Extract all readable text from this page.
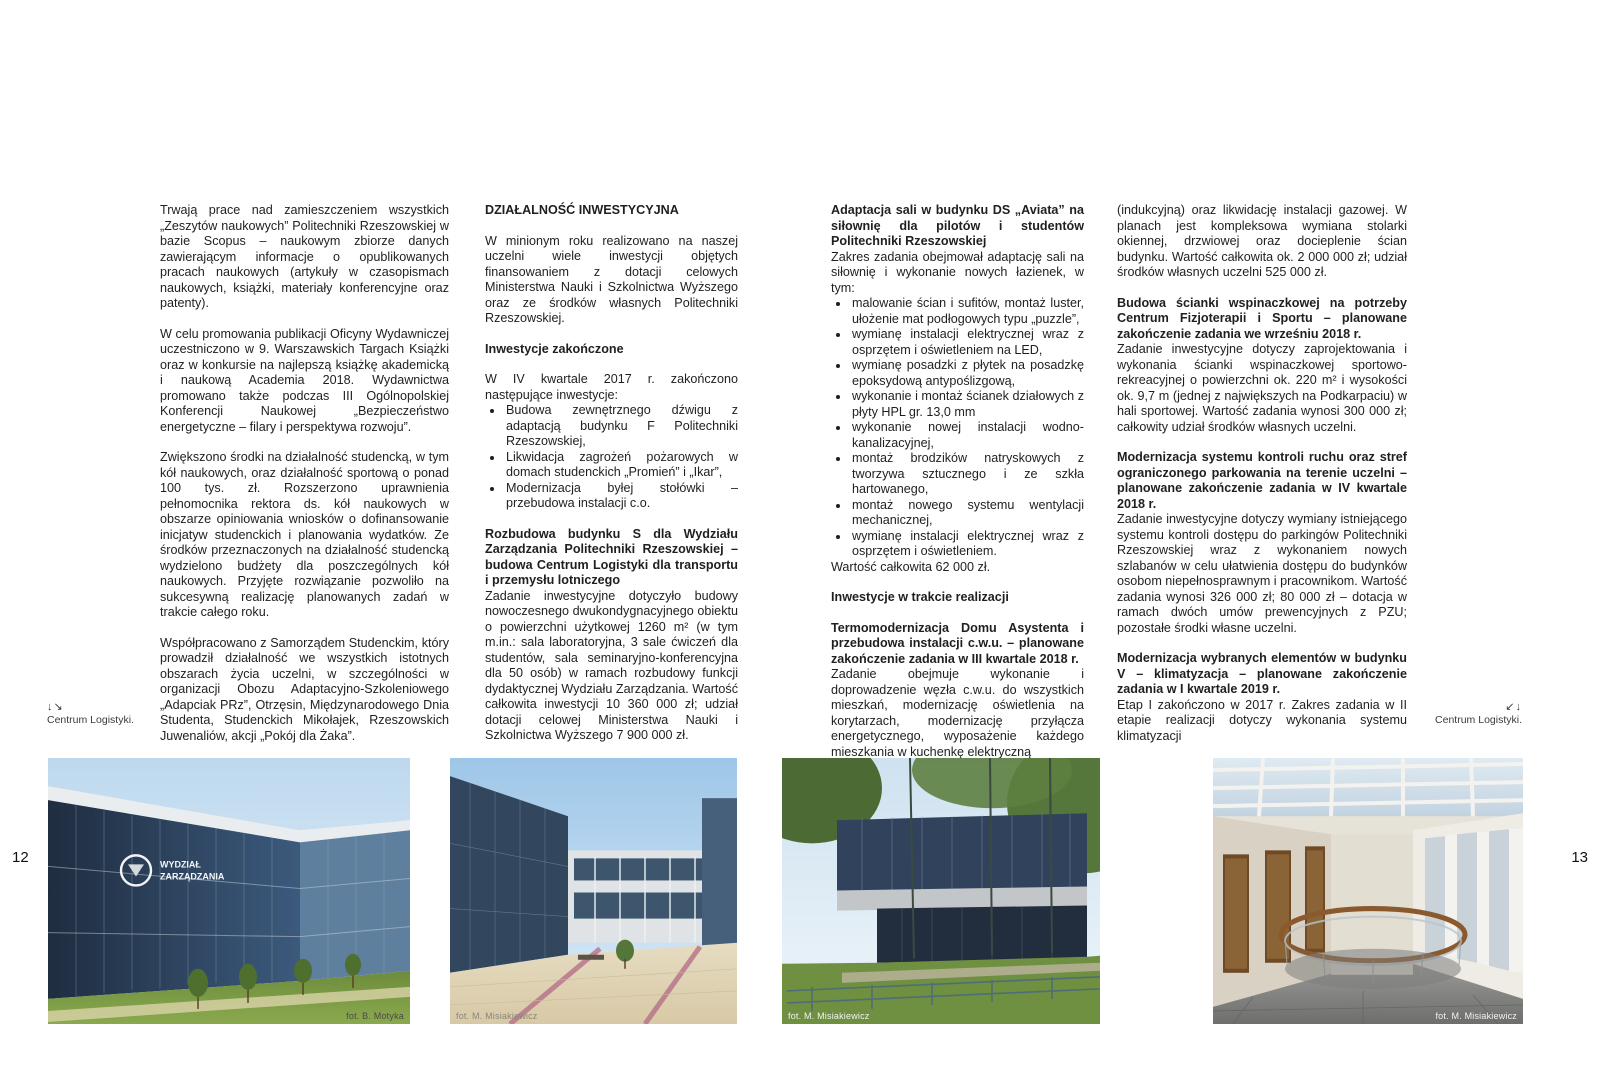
12	13
↓↘
Centrum Logistyki.
↙↓
Centrum Logistyki.
Trwają prace nad zamieszczeniem wszystkich „Zeszytów naukowych” Politechniki Rzeszowskiej w bazie Scopus – naukowym zbiorze danych zawierającym informacje o opublikowanych pracach naukowych (artykuły w czasopismach naukowych, książki, materiały konferencyjne oraz patenty).
W celu promowania publikacji Oficyny Wydawniczej uczestniczono w 9. Warszawskich Targach Książki oraz w konkursie na najlepszą książkę akademicką i naukową Academia 2018. Wydawnictwa promowano także podczas III Ogólnopolskiej Konferencji Naukowej „Bezpieczeństwo energetyczne – filary i perspektywa rozwoju”.
Zwiększono środki na działalność studencką, w tym kół naukowych, oraz działalność sportową o ponad 100 tys. zł. Rozszerzono uprawnienia pełnomocnika rektora ds. kół naukowych w obszarze opiniowania wniosków o dofinansowanie inicjatyw studenckich i planowania wydatków. Ze środków przeznaczonych na działalność studencką wydzielono budżety dla poszczególnych kół naukowych. Przyjęte rozwiązanie pozwoliło na sukcesywną realizację planowanych zadań w trakcie całego roku.
Współpracowano z Samorządem Studenckim, który prowadził działalność we wszystkich istotnych obszarach życia uczelni, w szczególności w organizacji Obozu Adaptacyjno-Szkoleniowego „Adapciak PRz”, Otrzęsin, Międzynarodowego Dnia Studenta, Studenckich Mikołajek, Rzeszowskich Juwenaliów, akcji „Pokój dla Żaka”.
DZIAŁALNOŚĆ INWESTYCYJNA
W minionym roku realizowano na naszej uczelni wiele inwestycji objętych finansowaniem z dotacji celowych Ministerstwa Nauki i Szkolnictwa Wyższego oraz ze środków własnych Politechniki Rzeszowskiej.
Inwestycje zakończone
W IV kwartale 2017 r. zakończono następujące inwestycje:
• Budowa zewnętrznego dźwigu z adaptacją budynku F Politechniki Rzeszowskiej,
• Likwidacja zagrożeń pożarowych w domach studenckich „Promień” i „Ikar”,
• Modernizacja byłej stołówki – przebudowa instalacji c.o.
Rozbudowa budynku S dla Wydziału Zarządzania Politechniki Rzeszowskiej – budowa Centrum Logistyki dla transportu i przemysłu lotniczego
Zadanie inwestycyjne dotyczyło budowy nowoczesnego dwukondygnacyjnego obiektu o powierzchni użytkowej 1260 m² (w tym m.in.: sala laboratoryjna, 3 sale ćwiczeń dla studentów, sala seminaryjno-konferencyjna dla 50 osób) w ramach rozbudowy funkcji dydaktycznej Wydziału Zarządzania. Wartość całkowita inwestycji 10 360 000 zł; udział dotacji celowej Ministerstwa Nauki i Szkolnictwa Wyższego 7 900 000 zł.
Adaptacja sali w budynku DS „Aviata” na siłownię dla pilotów i studentów Politechniki Rzeszowskiej
Zakres zadania obejmował adaptację sali na siłownię i wykonanie nowych łazienek, w tym:
• malowanie ścian i sufitów, montaż luster, ułożenie mat podłogowych typu „puzzle”,
• wymianę instalacji elektrycznej wraz z osprzętem i oświetleniem na LED,
• wymianę posadzki z płytek na posadzkę epoksydową antypoślizgową,
• wykonanie i montaż ścianek działowych z płyty HPL gr. 13,0 mm
• wykonanie nowej instalacji wodno-kanalizacyjnej,
• montaż brodzików natryskowych z tworzywa sztucznego i ze szkła hartowanego,
• montaż nowego systemu wentylacji mechanicznej,
• wymianę instalacji elektrycznej wraz z osprzętem i oświetleniem.
Wartość całkowita 62 000 zł.
Inwestycje w trakcie realizacji
Termomodernizacja Domu Asystenta i przebudowa instalacji c.w.u. – planowane zakończenie zadania w III kwartale 2018 r.
Zadanie obejmuje wykonanie i doprowadzenie węzła c.w.u. do wszystkich mieszkań, modernizację oświetlenia na korytarzach, modernizację przyłącza energetycznego, wyposażenie każdego mieszkania w kuchenkę elektryczną
(indukcyjną) oraz likwidację instalacji gazowej. W planach jest kompleksowa wymiana stolarki okiennej, drzwiowej oraz docieplenie ścian budynku. Wartość całkowita ok. 2 000 000 zł; udział środków własnych uczelni 525 000 zł.
Budowa ścianki wspinaczkowej na potrzeby Centrum Fizjoterapii i Sportu – planowane zakończenie zadania we wrześniu 2018 r.
Zadanie inwestycyjne dotyczy zaprojektowania i wykonania ścianki wspinaczkowej sportowo-rekreacyjnej o powierzchni ok. 220 m² i wysokości ok. 9,7 m (jednej z największych na Podkarpaciu) w hali sportowej. Wartość zadania wynosi 300 000 zł; całkowity udział środków własnych uczelni.
Modernizacja systemu kontroli ruchu oraz stref ograniczonego parkowania na terenie uczelni – planowane zakończenie zadania w IV kwartale 2018 r.
Zadanie inwestycyjne dotyczy wymiany istniejącego systemu kontroli dostępu do parkingów Politechniki Rzeszowskiej wraz z wykonaniem nowych szlabanów w celu ułatwienia dostępu do budynków osobom niepełnosprawnym i pracownikom. Wartość zadania wynosi 326 000 zł; 80 000 zł – dotacja w ramach dwóch umów prewencyjnych z PZU; pozostałe środki własne uczelni.
Modernizacja wybranych elementów w budynku V – klimatyzacja – planowane zakończenie zadania w I kwartale 2019 r.
Etap I zakończono w 2017 r. Zakres zadania w II etapie realizacji dotyczy wykonania systemu klimatyzacji
WYDZIAŁ
ZARZĄDZANIA
fot. B. Motyka	fot. M. Misiakiewicz	fot. M. Misiakiewicz	fot. M. Misiakiewicz
